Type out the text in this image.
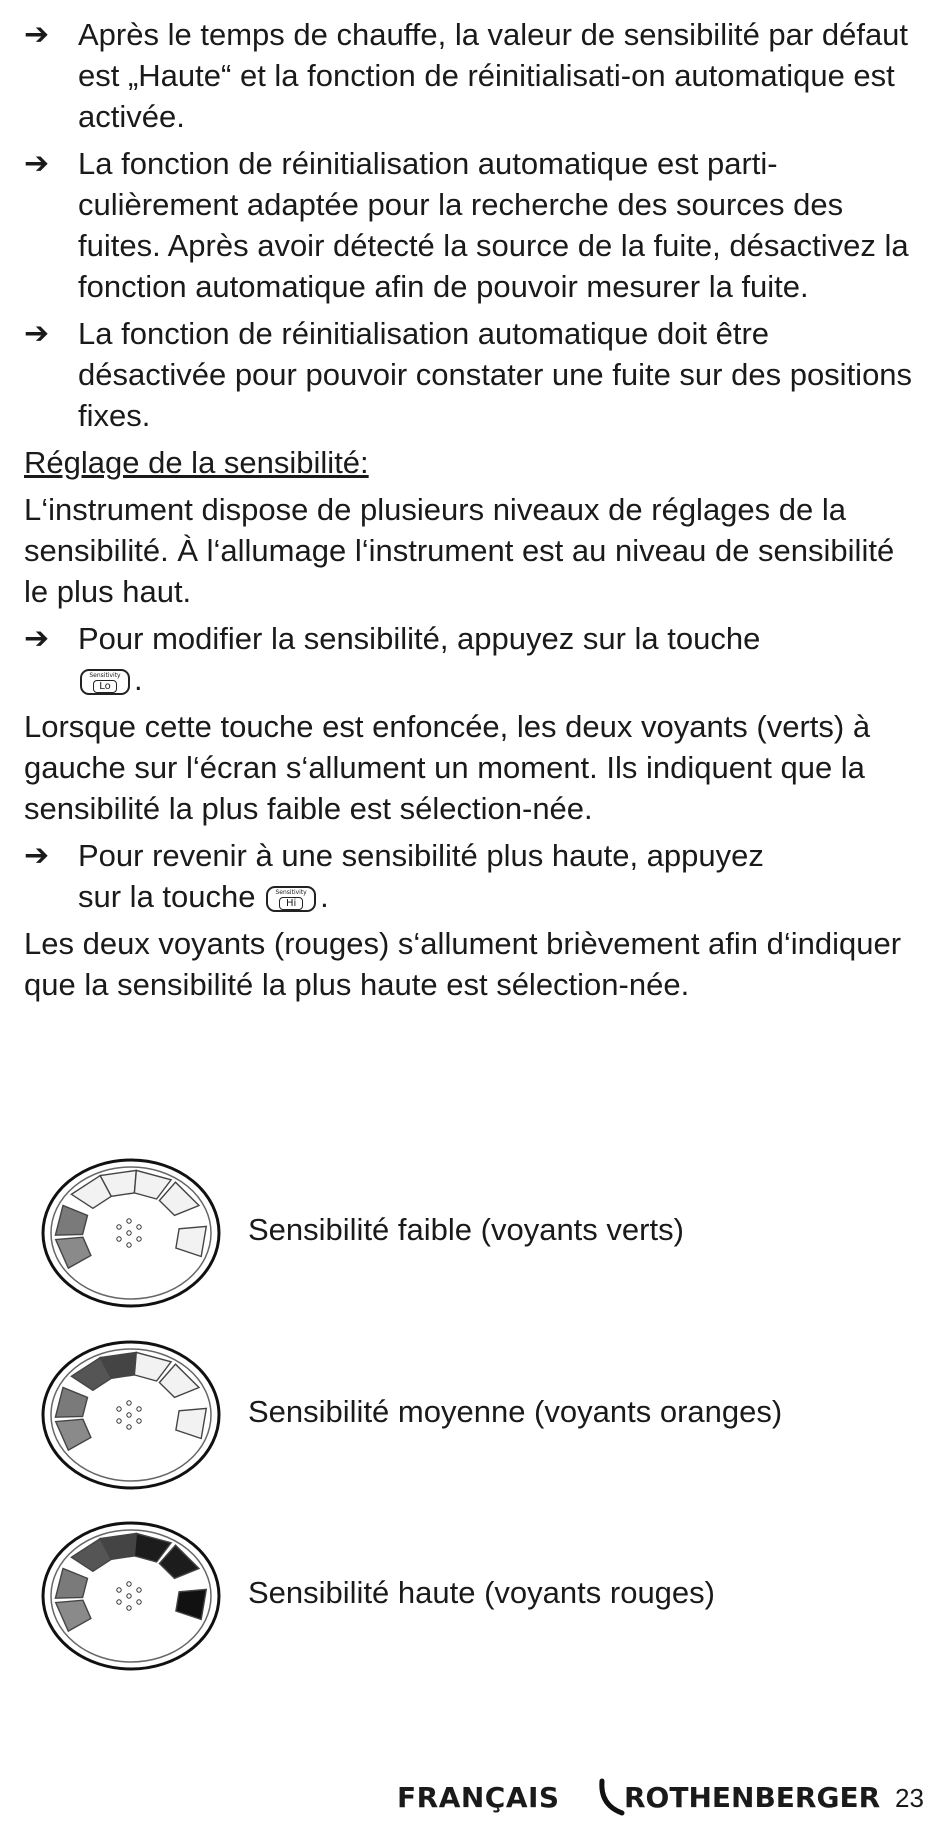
➔ Après le temps de chauffe, la valeur de sensibilité par défaut est „Haute“ et la fonction de réinitialisati-on automatique est activée.
➔ La fonction de réinitialisation automatique est parti-culièrement adaptée pour la recherche des sources des fuites. Après avoir détecté la source de la fuite, désactivez la fonction automatique afin de pouvoir mesurer la fuite.
➔ La fonction de réinitialisation automatique doit être désactivée pour pouvoir constater une fuite sur des positions fixes.
Réglage de la sensibilité:
L‘instrument dispose de plusieurs niveaux de réglages de la sensibilité. À l‘allumage l‘instrument est au niveau de sensibilité le plus haut.
➔ Pour modifier la sensibilité, appuyez sur la touche

Sensitivity
Lo .
Lorsque cette touche est enfoncée, les deux voyants (verts) à gauche sur l‘écran s‘allument un moment. Ils indiquent que la sensibilité la plus faible est sélection-née.
➔ Pour revenir à une sensibilité plus haute, appuyez
sur la touche	Sensitivity
Hi .
Les deux voyants (rouges) s‘allument brièvement afin d‘indiquer que la sensibilité la plus haute est sélection-née.
Sensibilité faible (voyants verts)
Sensibilité moyenne (voyants oranges)
Sensibilité haute (voyants rouges)
FRANÇAIS ROTHENBERGER 23
